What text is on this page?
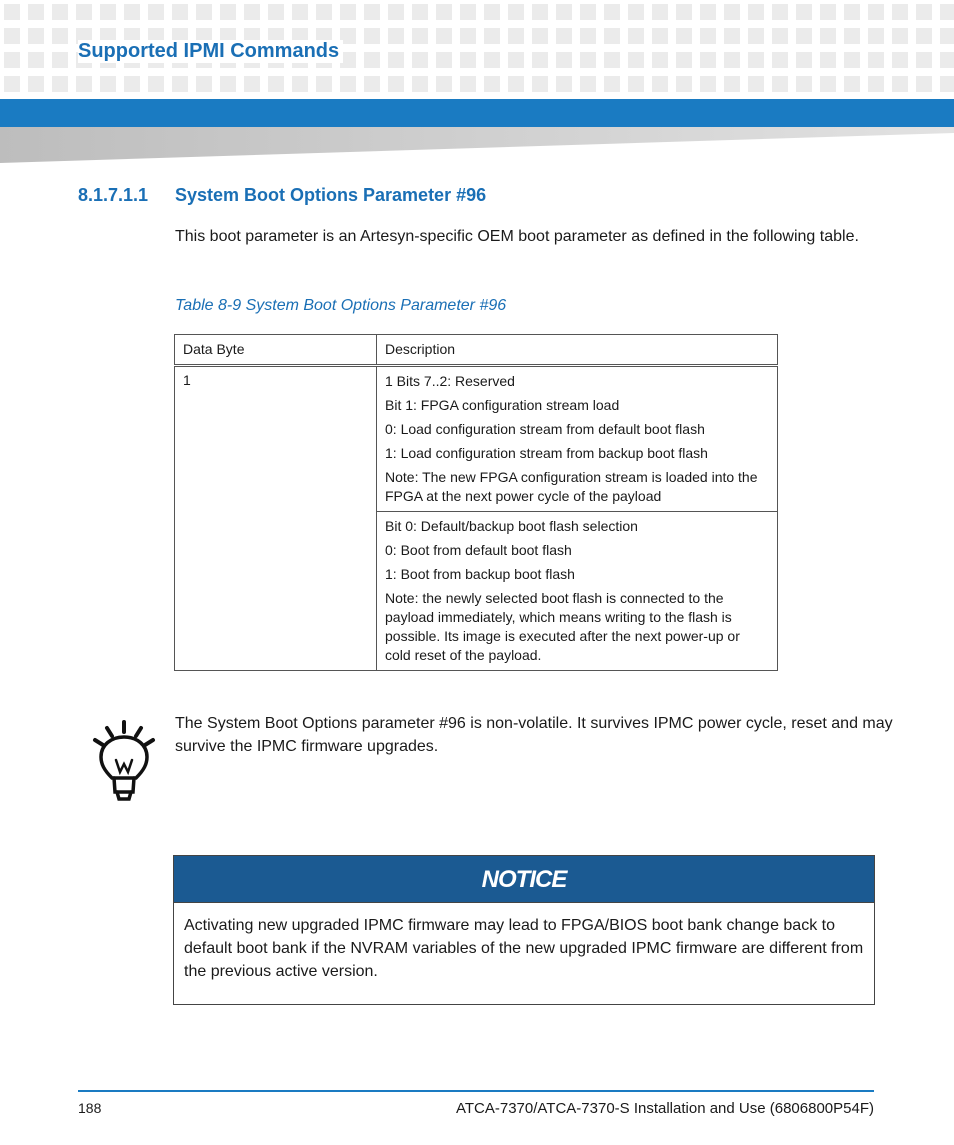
Supported IPMI Commands
8.1.7.1.1 System Boot Options Parameter #96

This boot parameter is an Artesyn-specific OEM boot parameter as defined in the following table.

Table 8-9 System Boot Options Parameter #96

Data Byte	Description
1	1 Bits 7..2: Reserved

Bit 1: FPGA configuration stream load

0: Load configuration stream from default boot flash

1: Load configuration stream from backup boot flash

Note: The new FPGA configuration stream is loaded into the FPGA at the next power cycle of the payload

	Bit 0: Default/backup boot flash selection

0: Boot from default boot flash

1: Boot from backup boot flash

Note: the newly selected boot flash is connected to the payload immediately, which means writing to the flash is possible. Its image is executed after the next power-up or cold reset of the payload.

The System Boot Options parameter #96 is non-volatile. It survives IPMC power cycle, reset and may survive the IPMC firmware upgrades.

NOTICE

Activating new upgraded IPMC firmware may lead to FPGA/BIOS boot bank change back to default boot bank if the NVRAM variables of the new upgraded IPMC firmware are different from the previous active version.

188	ATCA-7370/ATCA-7370-S Installation and Use (6806800P54F)
